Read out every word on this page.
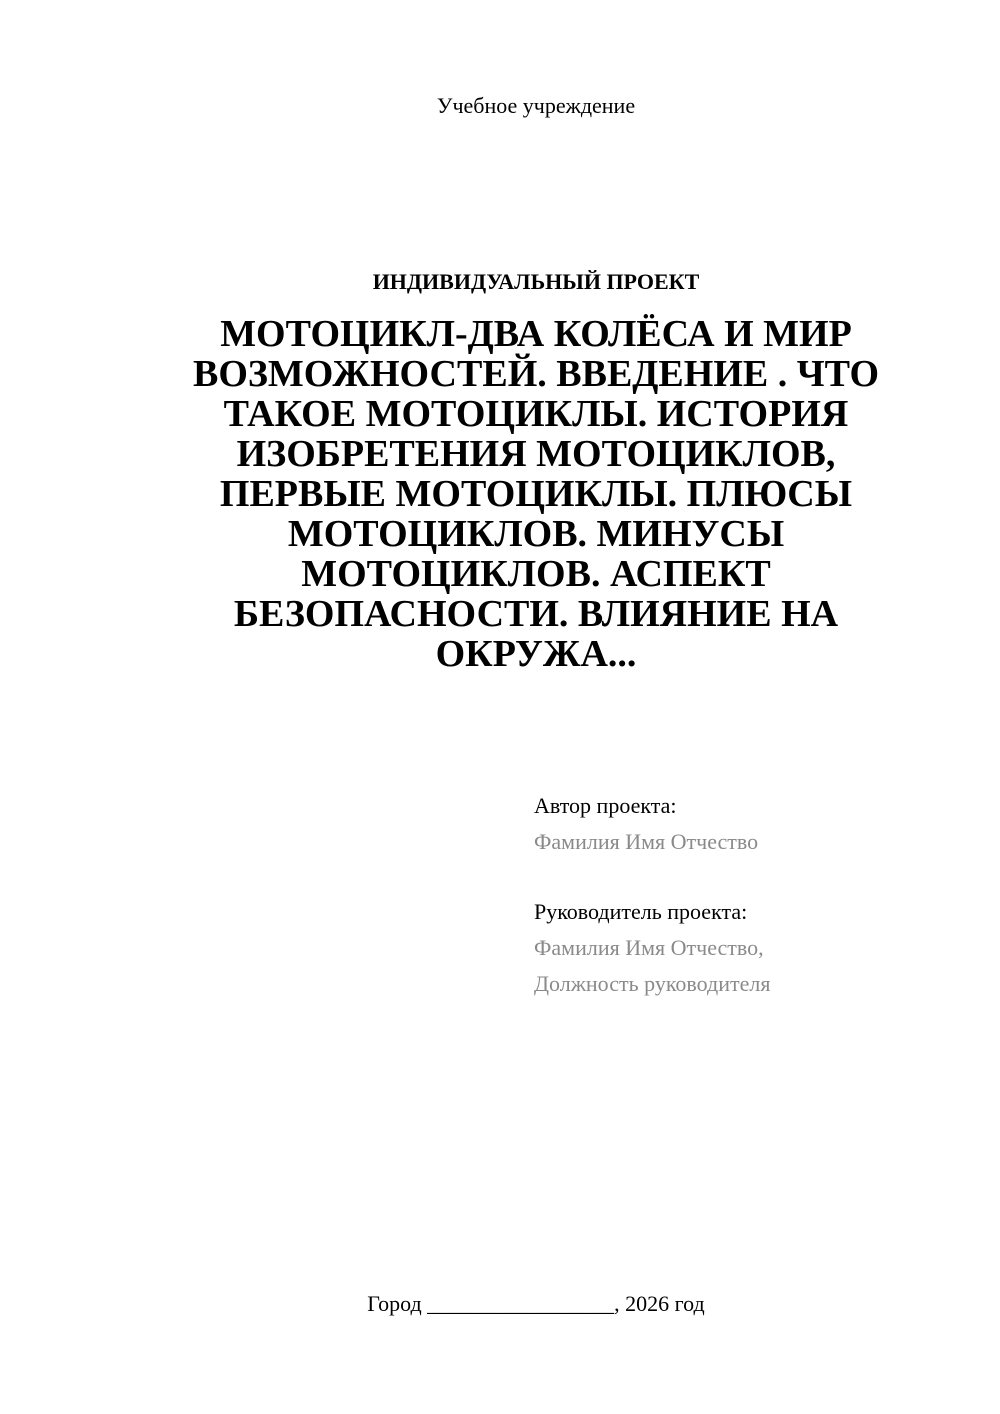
Учебное учреждение
ИНДИВИДУАЛЬНЫЙ ПРОЕКТ
МОТОЦИКЛ-ДВА КОЛЁСА И МИР ВОЗМОЖНОСТЕЙ. ВВЕДЕНИЕ . ЧТО ТАКОЕ МОТОЦИКЛЫ. ИСТОРИЯ ИЗОБРЕТЕНИЯ МОТОЦИКЛОВ, ПЕРВЫЕ МОТОЦИКЛЫ. ПЛЮСЫ МОТОЦИКЛОВ. МИНУСЫ МОТОЦИКЛОВ. АСПЕКТ БЕЗОПАСНОСТИ. ВЛИЯНИЕ НА ОКРУЖА...
Автор проекта:
Фамилия Имя Отчество
Руководитель проекта:
Фамилия Имя Отчество,
Должность руководителя
Город _________________, 2026 год
